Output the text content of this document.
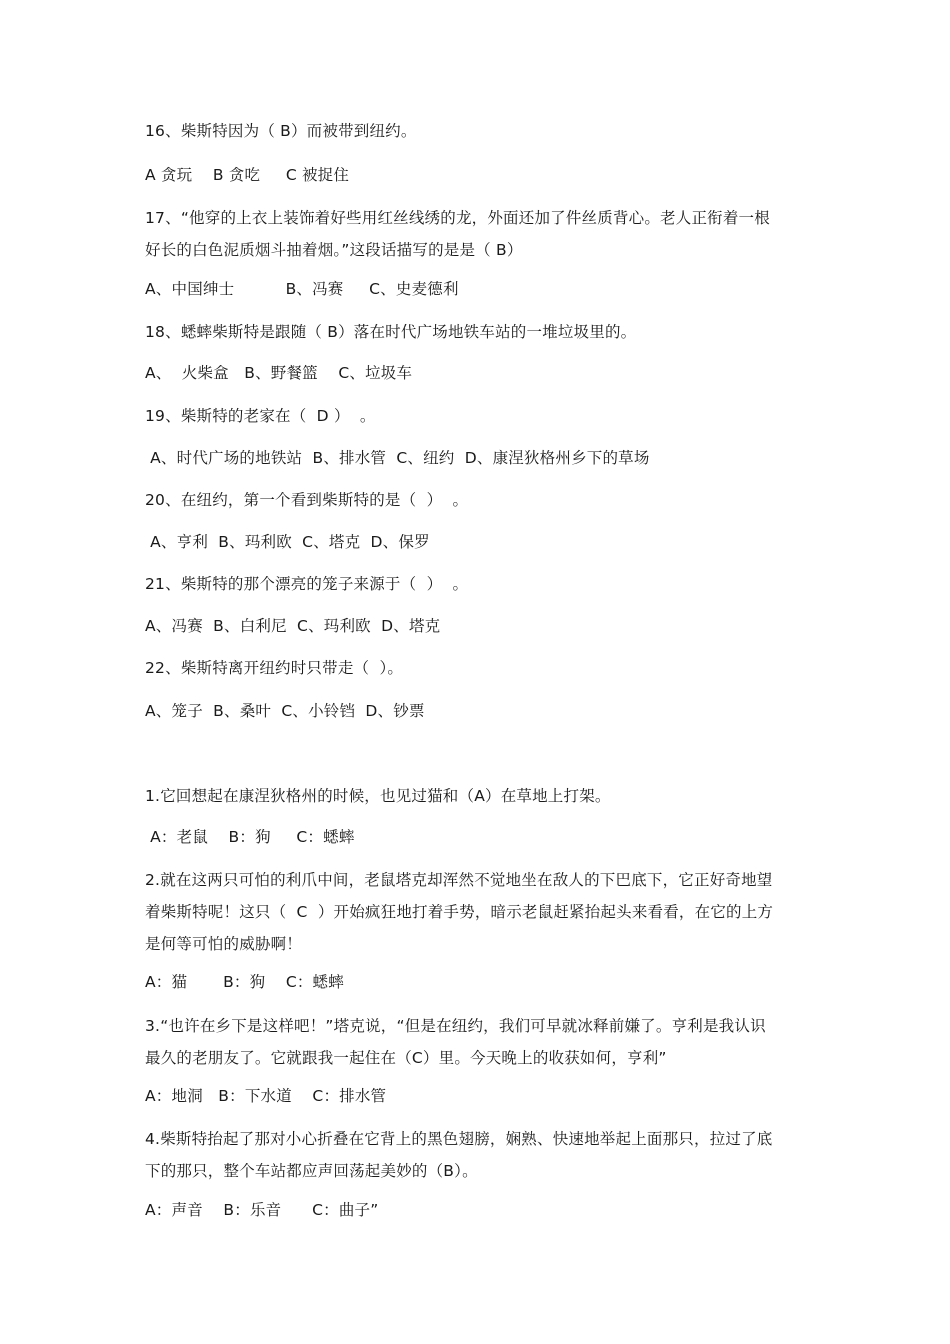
16、柴斯特因为（ B）而被带到纽约。
A 贪玩    B 贪吃     C 被捉住
17、“他穿的上衣上装饰着好些用红丝线绣的龙，外面还加了件丝质背心。老人正衔着一根
好长的白色泥质烟斗抽着烟。”这段话描写的是是（ B）
A、中国绅士          B、冯赛     C、史麦德利
18、蟋蟀柴斯特是跟随（ B）落在时代广场地铁车站的一堆垃圾里的。
A、  火柴盒   B、野餐篮    C、垃圾车
19、柴斯特的老家在（  D ）  。
A、时代广场的地铁站  B、排水管  C、纽约  D、康涅狄格州乡下的草场
20、在纽约，第一个看到柴斯特的是（  ）  。
A、亨利  B、玛利欧  C、塔克  D、保罗
21、柴斯特的那个漂亮的笼子来源于（  ）  。
A、冯赛  B、白利尼  C、玛利欧  D、塔克
22、柴斯特离开纽约时只带走（  ）。
A、笼子  B、桑叶  C、小铃铛  D、钞票
1.它回想起在康涅狄格州的时候，也见过猫和（A）在草地上打架。
A：老鼠    B：狗     C：蟋蟀
2.就在这两只可怕的利爪中间，老鼠塔克却浑然不觉地坐在敌人的下巴底下，它正好奇地望
着柴斯特呢！这只（  C  ）开始疯狂地打着手势，暗示老鼠赶紧抬起头来看看，在它的上方
是何等可怕的威胁啊！
A：猫       B：狗    C：蟋蟀
3.“也许在乡下是这样吧！”塔克说，“但是在纽约，我们可早就冰释前嫌了。亨利是我认识
最久的老朋友了。它就跟我一起住在（C）里。今天晚上的收获如何，亨利”
A：地洞   B：下水道    C：排水管
4.柴斯特抬起了那对小心折叠在它背上的黑色翅膀，娴熟、快速地举起上面那只，拉过了底
下的那只，整个车站都应声回荡起美妙的（B）。
A：声音    B：乐音      C：曲子”
